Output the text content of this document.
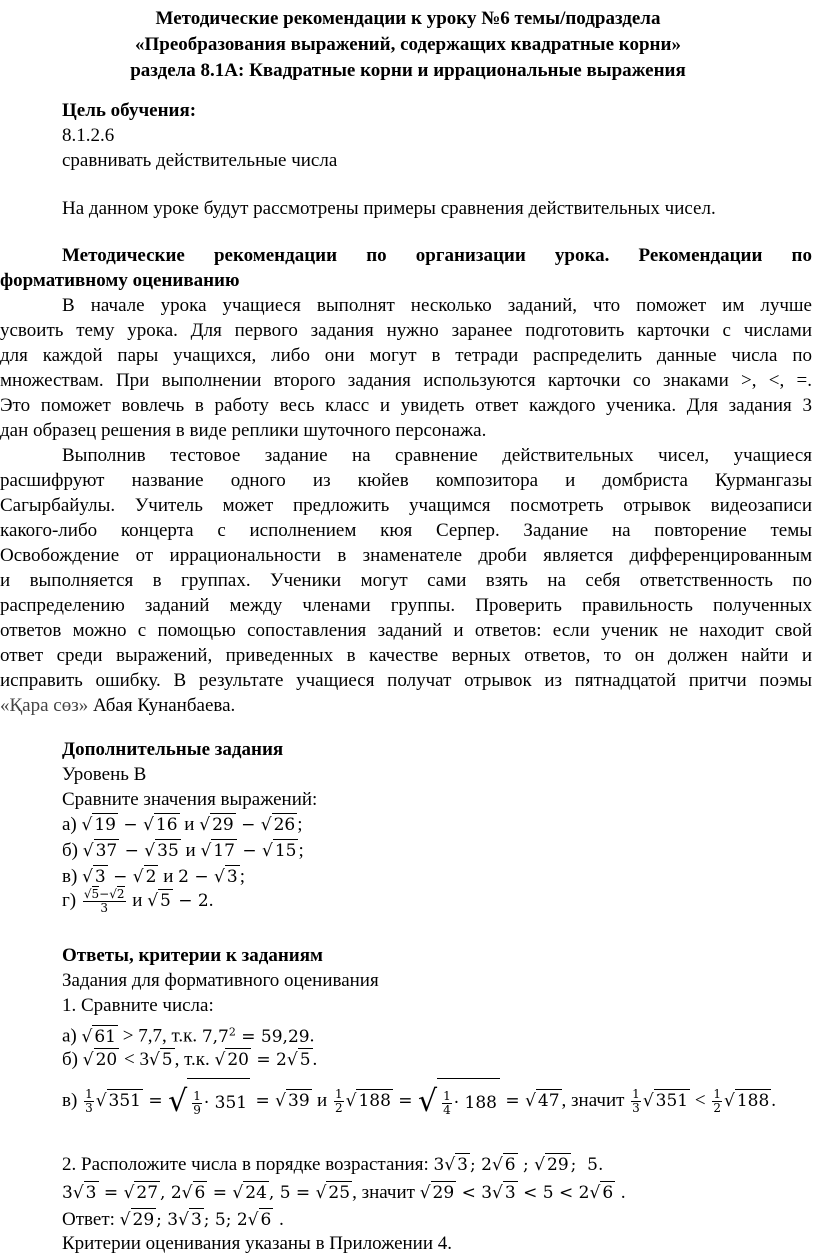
Методические рекомендации к уроку №6 темы/подраздела
«Преобразования выражений, содержащих квадратные корни»
раздела 8.1А: Квадратные корни и иррациональные выражения
Цель обучения:
8.1.2.6
сравнивать действительные числа
На данном уроке будут рассмотрены примеры сравнения действительных чисел.
Методические рекомендации по организации урока. Рекомендации по
формативному оцениванию
В начале урока учащиеся выполнят несколько заданий, что поможет им лучше
усвоить тему урока. Для первого задания нужно заранее подготовить карточки с числами
для каждой пары учащихся, либо они могут в тетради распределить данные числа по
множествам. При выполнении второго задания используются карточки со знаками >, <, =.
Это поможет вовлечь в работу весь класс и увидеть ответ каждого ученика. Для задания 3
дан образец решения в виде реплики шуточного персонажа.
Выполнив тестовое задание на сравнение действительных чисел, учащиеся
расшифруют название одного из кюйев композитора и домбриста Курмангазы
Сагырбайулы. Учитель может предложить учащимся посмотреть отрывок видеозаписи
какого-либо концерта с исполнением кюя Серпер. Задание на повторение темы
Освобождение от иррациональности в знаменателе дроби является дифференцированным
и выполняется в группах. Ученики могут сами взять на себя ответственность по
распределению заданий между членами группы. Проверить правильность полученных
ответов можно с помощью сопоставления заданий и ответов: если ученик не находит свой
ответ среди выражений, приведенных в качестве верных ответов, то он должен найти и
исправить ошибку. В результате учащиеся получат отрывок из пятнадцатой притчи поэмы
«Қара сөз» Абая Кунанбаева.
Дополнительные задания
Уровень В
Сравните значения выражений:
а) √ 19 − √ 16 и √ 29 − √ 26 ;
б) √ 37 − √ 35 и √ 17 − √ 15 ;
в) √ 3 − √ 2 и 2 − √ 3 ;
$г) \frac{√5-√2}{3}$ и √ 5 − 2.
Ответы, критерии к заданиям
Задания для формативного оценивания
1. Сравните числа:
а) √ 61 > 7,7, т.к. $7,7^2 = 59,29$.
б) √ 20 < 3√ 5 , т.к. √ 20 = 2√ 5 .
$в) \frac{1}{3}$ √ 351 = √ $\frac{1}{9} \cdot 351$ = √ 39 и $\frac{1}{2}$ √ 188 = √ $\frac{1}{4} \cdot 188$ = √ 47 , значит $\frac{1}{3}$ √ $351 < \frac{1}{2}$ √ 188 .
2. Расположите числа в порядке возрастания: 3√ 3 ; 2√ 6 ; √ 29 ;  5.
3√ 3 = √ 27 , 2√ 6 = √ 24 , 5 = √ 25 , значит √ 29 < 3√ 3 < 5 < 2√ 6 .
Ответ: √ 29 ; 3√ 3 ; 5; 2√ 6 .
Критерии оценивания указаны в Приложении 4.
